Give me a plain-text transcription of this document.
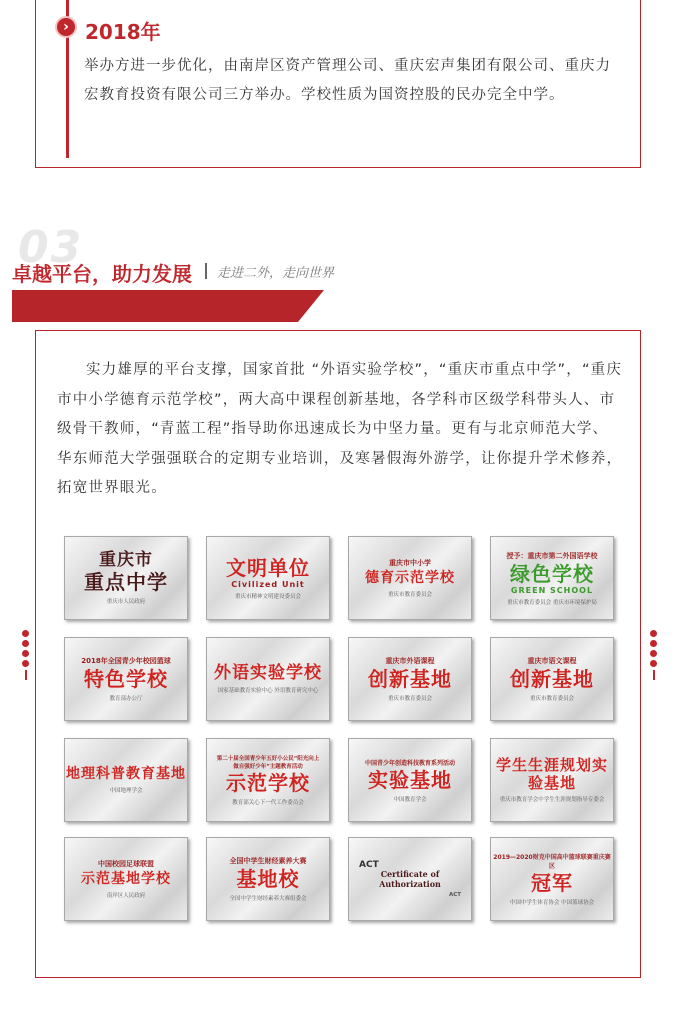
› 2018年
举办方进一步优化，由南岸区资产管理公司、重庆宏声集团有限公司、重庆力宏教育投资有限公司三方举办。学校性质为国资控股的民办完全中学。
03
卓越平台，助力发展 走进二外，走向世界
实力雄厚的平台支撑，国家首批 “外语实验学校”，“重庆市重点中学”，“重庆市中小学德育示范学校”，两大高中课程创新基地，各学科市区级学科带头人、市级骨干教师，“青蓝工程”指导助你迅速成长为中坚力量。更有与北京师范大学、华东师范大学强强联合的定期专业培训，及寒暑假海外游学，让你提升学术修养，拓宽世界眼光。
重庆市
重点中学
重庆市人民政府
文明单位
Civilized Unit
重庆市精神文明建设委员会
重庆市中小学
德育示范学校
重庆市教育委员会
授予：重庆市第二外国语学校
绿色学校
GREEN SCHOOL
重庆市教育委员会 重庆市环境保护局
2018年全国青少年校园篮球
特色学校
教育部办公厅
外语实验学校
国家基础教育实验中心 外语教育研究中心
重庆市外语课程
创新基地
重庆市教育委员会
重庆市语文课程
创新基地
重庆市教育委员会
地理科普教育基地
中国地理学会
第二十届全国青少年五好小公民“阳光向上 做自强好少年”主题教育活动
示范学校
教育部关心下一代工作委员会
中国青少年创造科技教育系列活动
实验基地
中国教育学会
学生生涯规划实验基地
重庆市教育学会中学生生涯规划指导专委会
中国校园足球联盟
示范基地学校
南岸区人民政府
全国中学生财经素养大赛
基地校
全国中学生财经素养大赛组委会
ACT
Certificate of Authorization
ACT
2019—2020财克中国高中篮球联赛重庆赛区
冠军
中国中学生体育协会 中国篮球协会
